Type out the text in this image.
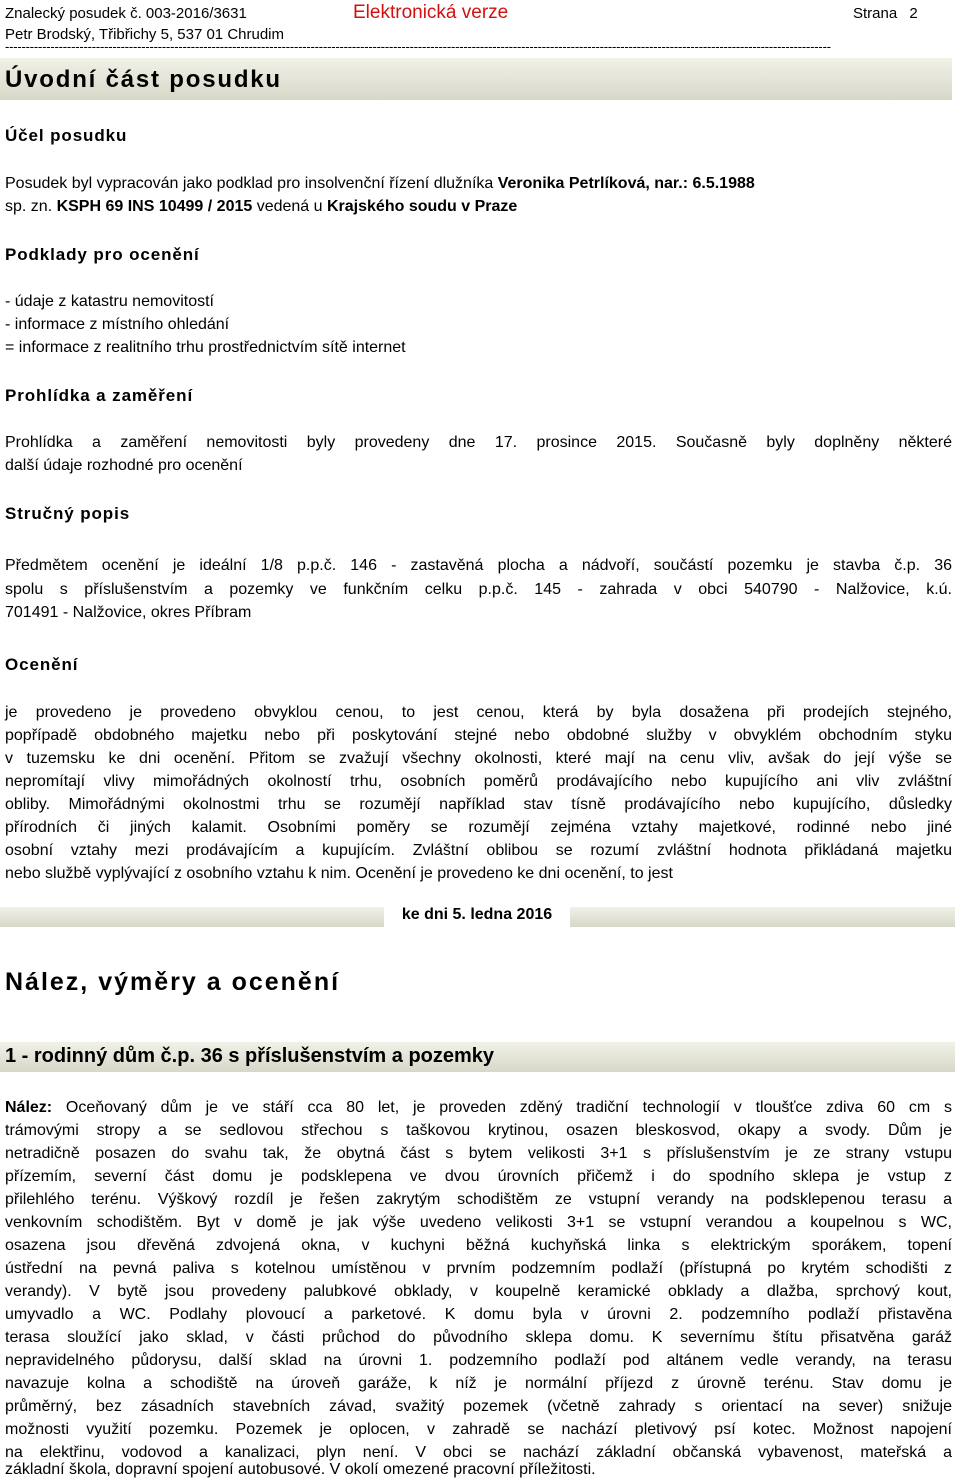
Znalecký posudek č. 003-2016/3631	Elektronická verze	Strana 2
Petr Brodský, Třibřichy 5, 537 01 Chrudim
--------------------------------------------------------------------------------------------------------------------------------------------------------------------------------------------------------
Úvodní část posudku
Účel posudku
Posudek byl vypracován jako podklad pro insolvenční řízení dlužníka Veronika Petrlíková, nar.: 6.5.1988
sp. zn. KSPH 69 INS 10499 / 2015 vedená u Krajského soudu v Praze
Podklady pro ocenění
- údaje z katastru nemovitostí
- informace z místního ohledání
= informace z realitního trhu prostřednictvím sítě internet
Prohlídka a zaměření
Prohlídka a zaměření nemovitosti byly provedeny dne 17. prosince 2015. Současně byly doplněny některé
další údaje rozhodné pro ocenění
Stručný popis
Předmětem ocenění je ideální 1/8 p.p.č. 146 - zastavěná plocha a nádvoří, součástí pozemku je stavba č.p. 36
spolu s příslušenstvím a pozemky ve funkčním celku p.p.č. 145 - zahrada v obci 540790 - Nalžovice, k.ú.
701491 - Nalžovice, okres Příbram
Ocenění
je provedeno je provedeno obvyklou cenou, to jest cenou, která by byla dosažena při prodejích stejného,
popřípadě obdobného majetku nebo při poskytování stejné nebo obdobné služby v obvyklém obchodním styku
v tuzemsku ke dni ocenění. Přitom se zvažují všechny okolnosti, které mají na cenu vliv, avšak do její výše se
nepromítají vlivy mimořádných okolností trhu, osobních poměrů prodávajícího nebo kupujícího ani vliv zvláštní
obliby. Mimořádnými okolnostmi trhu se rozumějí například stav tísně prodávajícího nebo kupujícího, důsledky
přírodních či jiných kalamit. Osobními poměry se rozumějí zejména vztahy majetkové, rodinné nebo jiné
osobní vztahy mezi prodávajícím a kupujícím. Zvláštní oblibou se rozumí zvláštní hodnota přikládaná majetku
nebo službě vyplývající z osobního vztahu k nim. Ocenění je provedeno ke dni ocenění, to jest
ke dni 5. ledna 2016
Nález, výměry a ocenění
1 - rodinný dům č.p. 36 s příslušenstvím a pozemky
Nález: Oceňovaný dům je ve stáří cca 80 let, je proveden zděný tradiční technologií v tloušťce zdiva 60 cm s
trámovými stropy a se sedlovou střechou s taškovou krytinou, osazen bleskosvod, okapy a svody. Dům je
netradičně posazen do svahu tak, že obytná část s bytem velikosti 3+1 s příslušenstvím je ze strany vstupu
přízemím, severní část domu je podsklepena ve dvou úrovních přičemž i do spodního sklepa je vstup z
přilehlého terénu. Výškový rozdíl je řešen zakrytým schodištěm ze vstupní verandy na podsklepenou terasu a
venkovním schodištěm. Byt v domě je jak výše uvedeno velikosti 3+1 se vstupní verandou a koupelnou s WC,
osazena jsou dřevěná zdvojená okna, v kuchyni běžná kuchyňská linka s elektrickým sporákem, topení
ústřední na pevná paliva s kotelnou umístěnou v prvním podzemním podlaží (přístupná po krytém schodišti z
verandy). V bytě jsou provedeny palubkové obklady, v koupelně keramické obklady a dlažba, sprchový kout,
umyvadlo a WC. Podlahy plovoucí a parketové. K domu byla v úrovni 2. podzemního podlaží přistavěna
terasa sloužící jako sklad, v části průchod do původního sklepa domu. K severnímu štítu přisatvěna garáž
nepravidelného půdorysu, další sklad na úrovni 1. podzemního podlaží pod altánem vedle verandy, na terasu
navazuje kolna a schodiště na úroveň garáže, k níž je normální příjezd z úrovně terénu. Stav domu je
průměrný, bez zásadních stavebních závad, svažitý pozemek (včetně zahrady s orientací na sever) snižuje
možnosti využití pozemku. Pozemek je oplocen, v zahradě se nachází pletivový psí kotec. Možnost napojení
na elektřinu, vodovod a kanalizaci, plyn není. V obci se nachází základní občanská vybavenost, mateřská a
základní škola, dopravní spojení autobusové. V okolí omezené pracovní příležitosti.
